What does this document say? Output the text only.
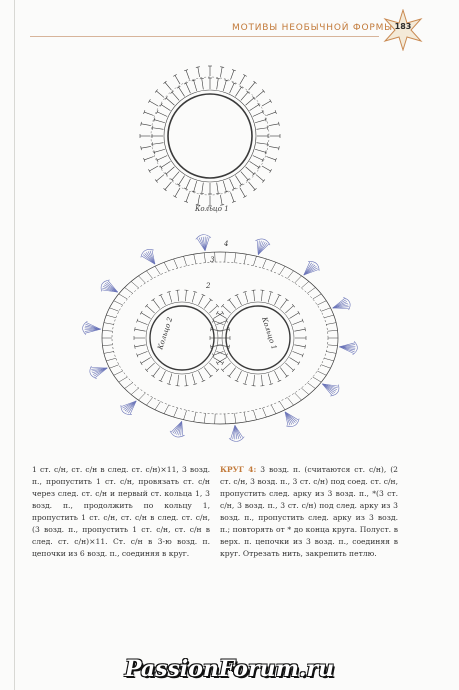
МОТИВЫ НЕОБЫЧНОЙ ФОРМЫ 183
Кольцо 2	Кольцо 1
3
2
4
Кольцо 1
1 ст. с/н, ст. с/н в след. ст. с/н)×11, 3 возд. п., пропустить 1 ст. с/н, провязать ст. с/н через след. ст. с/н и первый ст. кольца 1, 3 возд. п., продолжить по кольцу 1, пропустить 1 ст. с/н, ст. с/н в след. ст. с/н, (3 возд. п., пропустить 1 ст. с/н, ст. с/н в след. ст. с/н)×11. Ст. с/н в 3-ю возд. п. цепочки из 6 возд. п., соединяя в круг.
КРУГ 4: 3 возд. п. (считаются ст. с/н), (2 ст. с/н, 3 возд. п., 3 ст. с/н) под соед. ст. с/н, пропустить след. арку из 3 возд. п., *(3 ст. с/н, 3 возд. п., 3 ст. с/н) под след. арку из 3 возд. п., пропустить след. арку из 3 возд. п.; повторять от * до конца круга. Полуст. в верх. п. цепочки из 3 возд. п., соединяя в круг. Отрезать нить, закрепить петлю.
PassionForum.ru
